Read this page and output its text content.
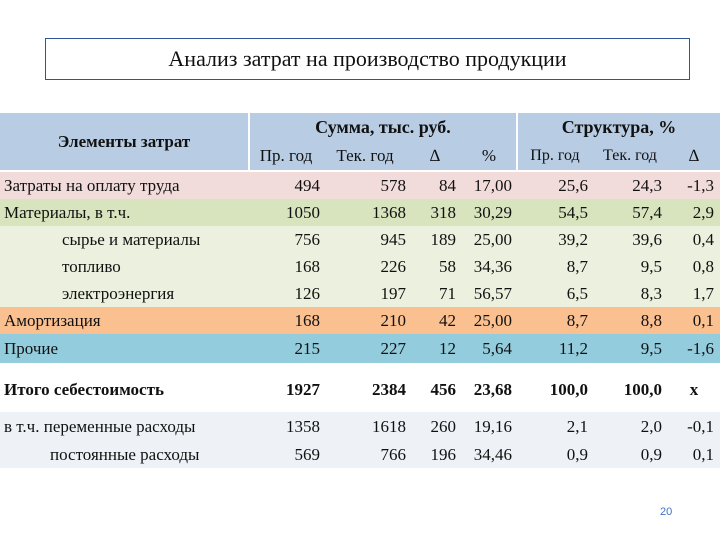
Анализ затрат на производство продукции
Элементы затрат
Сумма, тыс. руб.	Структура, %
Пр. год	Тек. год	∆	%	Пр. год	Тек. год	∆
Затраты на оплату труда	494	578	84	17,00	25,6	24,3	-1,3
Материалы, в т.ч.	1050	1368	318	30,29	54,5	57,4	2,9
сырье и материалы	756	945	189	25,00	39,2	39,6	0,4
топливо	168	226	58	34,36	8,7	9,5	0,8
электроэнергия	126	197	71	56,57	6,5	8,3	1,7
Амортизация	168	210	42	25,00	8,7	8,8	0,1
Прочие	215	227	12	5,64	11,2	9,5	-1,6
Итого себестоимость	1927	2384	456	23,68	100,0	100,0	x
в т.ч. переменные расходы	1358	1618	260	19,16	2,1	2,0	-0,1
постоянные расходы	569	766	196	34,46	0,9	0,9	0,1
20
